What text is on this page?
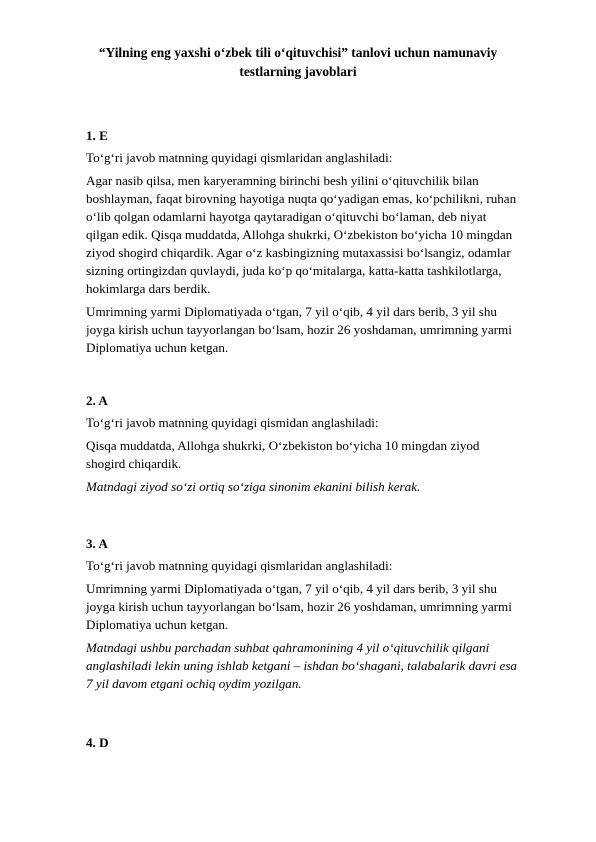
“Yilning eng yaxshi o‘zbek tili o‘qituvchisi” tanlovi uchun namunaviy testlarning javoblari

1. E

To‘g‘ri javob matnning quyidagi qismlaridan anglashiladi:

Agar nasib qilsa, men karyeramning birinchi besh yilini o‘qituvchilik bilan boshlayman, faqat birovning hayotiga nuqta qo‘yadigan emas, ko‘pchilikni, ruhan o‘lib qolgan odamlarni hayotga qaytaradigan o‘qituvchi bo‘laman, deb niyat qilgan edik. Qisqa muddatda, Allohga shukrki, O‘zbekiston bo‘yicha 10 mingdan ziyod shogird chiqardik. Agar o‘z kasbingizning mutaxassisi bo‘lsangiz, odamlar sizning ortingizdan quvlaydi, juda ko‘p qo‘mitalarga, katta-katta tashkilotlarga, hokimlarga dars berdik.

Umrimning yarmi Diplomatiyada o‘tgan, 7 yil o‘qib, 4 yil dars berib, 3 yil shu joyga kirish uchun tayyorlangan bo‘lsam, hozir 26 yoshdaman, umrimning yarmi Diplomatiya uchun ketgan.

2. A

To‘g‘ri javob matnning quyidagi qismidan anglashiladi:

Qisqa muddatda, Allohga shukrki, O‘zbekiston bo‘yicha 10 mingdan ziyod shogird chiqardik.

Matndagi ziyod so‘zi ortiq so‘ziga sinonim ekanini bilish kerak.

3. A

To‘g‘ri javob matnning quyidagi qismlaridan anglashiladi:

Umrimning yarmi Diplomatiyada o‘tgan, 7 yil o‘qib, 4 yil dars berib, 3 yil shu joyga kirish uchun tayyorlangan bo‘lsam, hozir 26 yoshdaman, umrimning yarmi Diplomatiya uchun ketgan.

Matndagi ushbu parchadan suhbat qahramonining 4 yil o‘qituvchilik qilgani anglashiladi lekin uning ishlab ketgani – ishdan bo‘shagani, talabalarik davri esa 7 yil davom etgani ochiq oydim yozilgan.

4. D
